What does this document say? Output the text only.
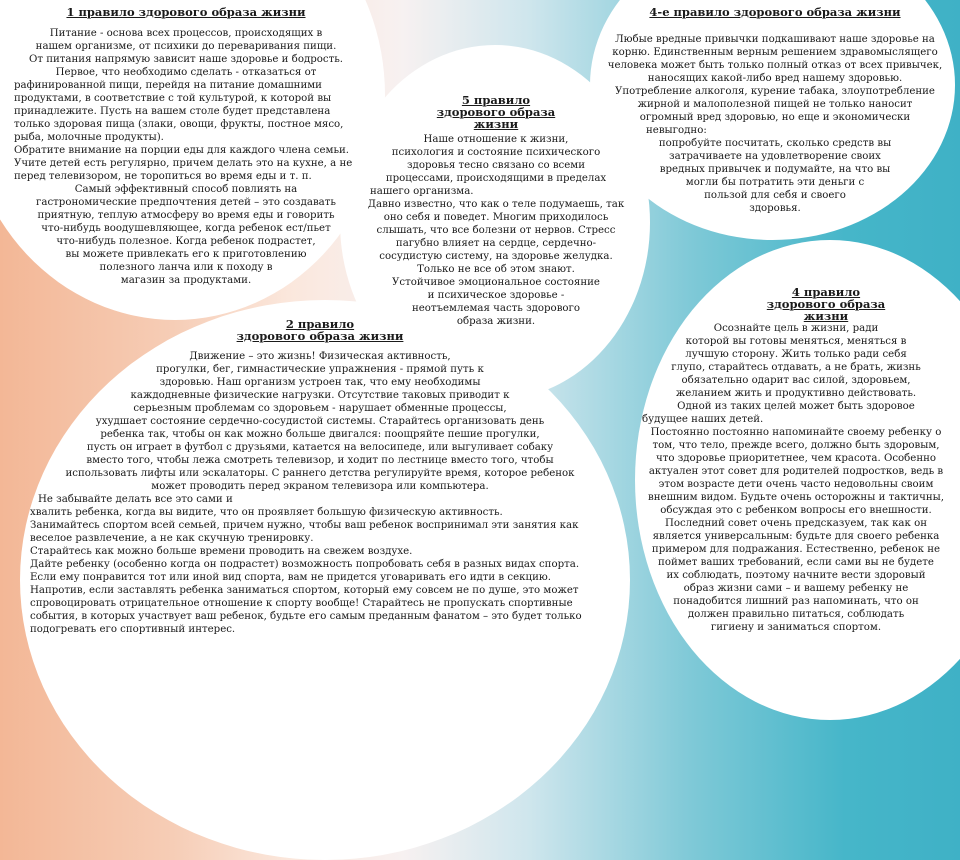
1 правило здорового образа жизни

Питание - основа всех процессов, происходящих в

нашем организме, от психики до переваривания пищи.

От питания напрямую зависит наше здоровье и бодрость.

Первое, что необходимо сделать - отказаться от

рафинированной пищи, перейдя на питание домашними

продуктами, в соответствие с той культурой, к которой вы

принадлежите. Пусть на вашем столе будет представлена

только здоровая пища (злаки, овощи, фрукты, постное мясо,

рыба, молочные продукты).

Обратите внимание на порции еды для каждого члена семьи.

Учите детей есть регулярно, причем делать это на кухне, а не

перед телевизором, не торопиться во время еды и т. п.

Самый эффективный способ повлиять на

гастрономические предпочтения детей – это создавать

приятную, теплую атмосферу во время еды и говорить

что-нибудь воодушевляющее, когда ребенок ест/пьет

что-нибудь полезное. Когда ребенок подрастет,

вы можете привлекать его к приготовлению

полезного ланча или к походу в

магазин за продуктами.

5 правило
здорового образа
жизни

Наше отношение к жизни,

психология и состояние психического

здоровья тесно связано со всеми

процессами, происходящими в пределах

нашего организма.

Давно известно, что как о теле подумаешь, так

оно себя и поведет. Многим приходилось

слышать, что все болезни от нервов. Стресс

пагубно влияет на сердце, сердечно-

сосудистую систему, на здоровье желудка.

Только не все об этом знают.

Устойчивое эмоциональное состояние

и психическое здоровье -

неотъемлемая часть здорового

образа жизни.

4-е правило здорового образа жизни

Любые вредные привычки подкашивают наше здоровье на

корню. Единственным верным решением здравомыслящего

человека может быть только полный отказ от всех привычек,

наносящих какой-либо вред нашему здоровью.

Употребление алкоголя, курение табака, злоупотребление

жирной и малополезной пищей не только наносит

огромный вред здоровью, но еще и экономически

невыгодно:

попробуйте посчитать, сколько средств вы

затрачиваете на удовлетворение своих

вредных привычек и подумайте, на что вы

могли бы потратить эти деньги с

пользой для себя и своего

здоровья.

2 правило
здорового образа жизни

Движение – это жизнь! Физическая активность,

прогулки, бег, гимнастические упражнения - прямой путь к

здоровью. Наш организм устроен так, что ему необходимы

каждодневные физические нагрузки. Отсутствие таковых приводит к

серьезным проблемам со здоровьем - нарушает обменные процессы,

ухудшает состояние сердечно-сосудистой системы. Старайтесь организовать день

ребенка так, чтобы он как можно больше двигался: поощряйте пешие прогулки,

пусть он играет в футбол с друзьями, катается на велосипеде, или выгуливает собаку

вместо того, чтобы лежа смотреть телевизор, и ходит по лестнице вместо того, чтобы

использовать лифты или эскалаторы. С раннего детства регулируйте время, которое ребенок

может проводить перед экраном телевизора или компьютера.

Не забывайте делать все это сами и

хвалить ребенка, когда вы видите, что он проявляет большую физическую активность.

Занимайтесь спортом всей семьей, причем нужно, чтобы ваш ребенок воспринимал эти занятия как

веселое развлечение, а не как скучную тренировку.

Старайтесь как можно больше времени проводить на свежем воздухе.

Дайте ребенку (особенно когда он подрастет) возможность попробовать себя в разных видах спорта.

Если ему понравится тот или иной вид спорта, вам не придется уговаривать его идти в секцию.

Напротив, если заставлять ребенка заниматься спортом, который ему совсем не по душе, это может

спровоцировать отрицательное отношение к спорту вообще! Старайтесь не пропускать спортивные

события, в которых участвует ваш ребенок, будьте его самым преданным фанатом – это будет только

подогревать его спортивный интерес.

4 правило
здорового образа
жизни

Осознайте цель в жизни, ради

которой вы готовы меняться, меняться в

лучшую сторону. Жить только ради себя

глупо, старайтесь отдавать, а не брать, жизнь

обязательно одарит вас силой, здоровьем,

желанием жить и продуктивно действовать.

Одной из таких целей может быть здоровое

будущее наших детей.

Постоянно постоянно напоминайте своему ребенку о

том, что тело, прежде всего, должно быть здоровым,

что здоровье приоритетнее, чем красота. Особенно

актуален этот совет для родителей подростков, ведь в

этом возрасте дети очень часто недовольны своим

внешним видом. Будьте очень осторожны и тактичны,

обсуждая это с ребенком вопросы его внешности.

Последний совет очень предсказуем, так как он

является универсальным: будьте для своего ребенка

примером для подражания. Естественно, ребенок не

поймет ваших требований, если сами вы не будете

их соблюдать, поэтому начните вести здоровый

образ жизни сами – и вашему ребенку не

понадобится лишний раз напоминать, что он

должен правильно питаться, соблюдать

гигиену и заниматься спортом.
